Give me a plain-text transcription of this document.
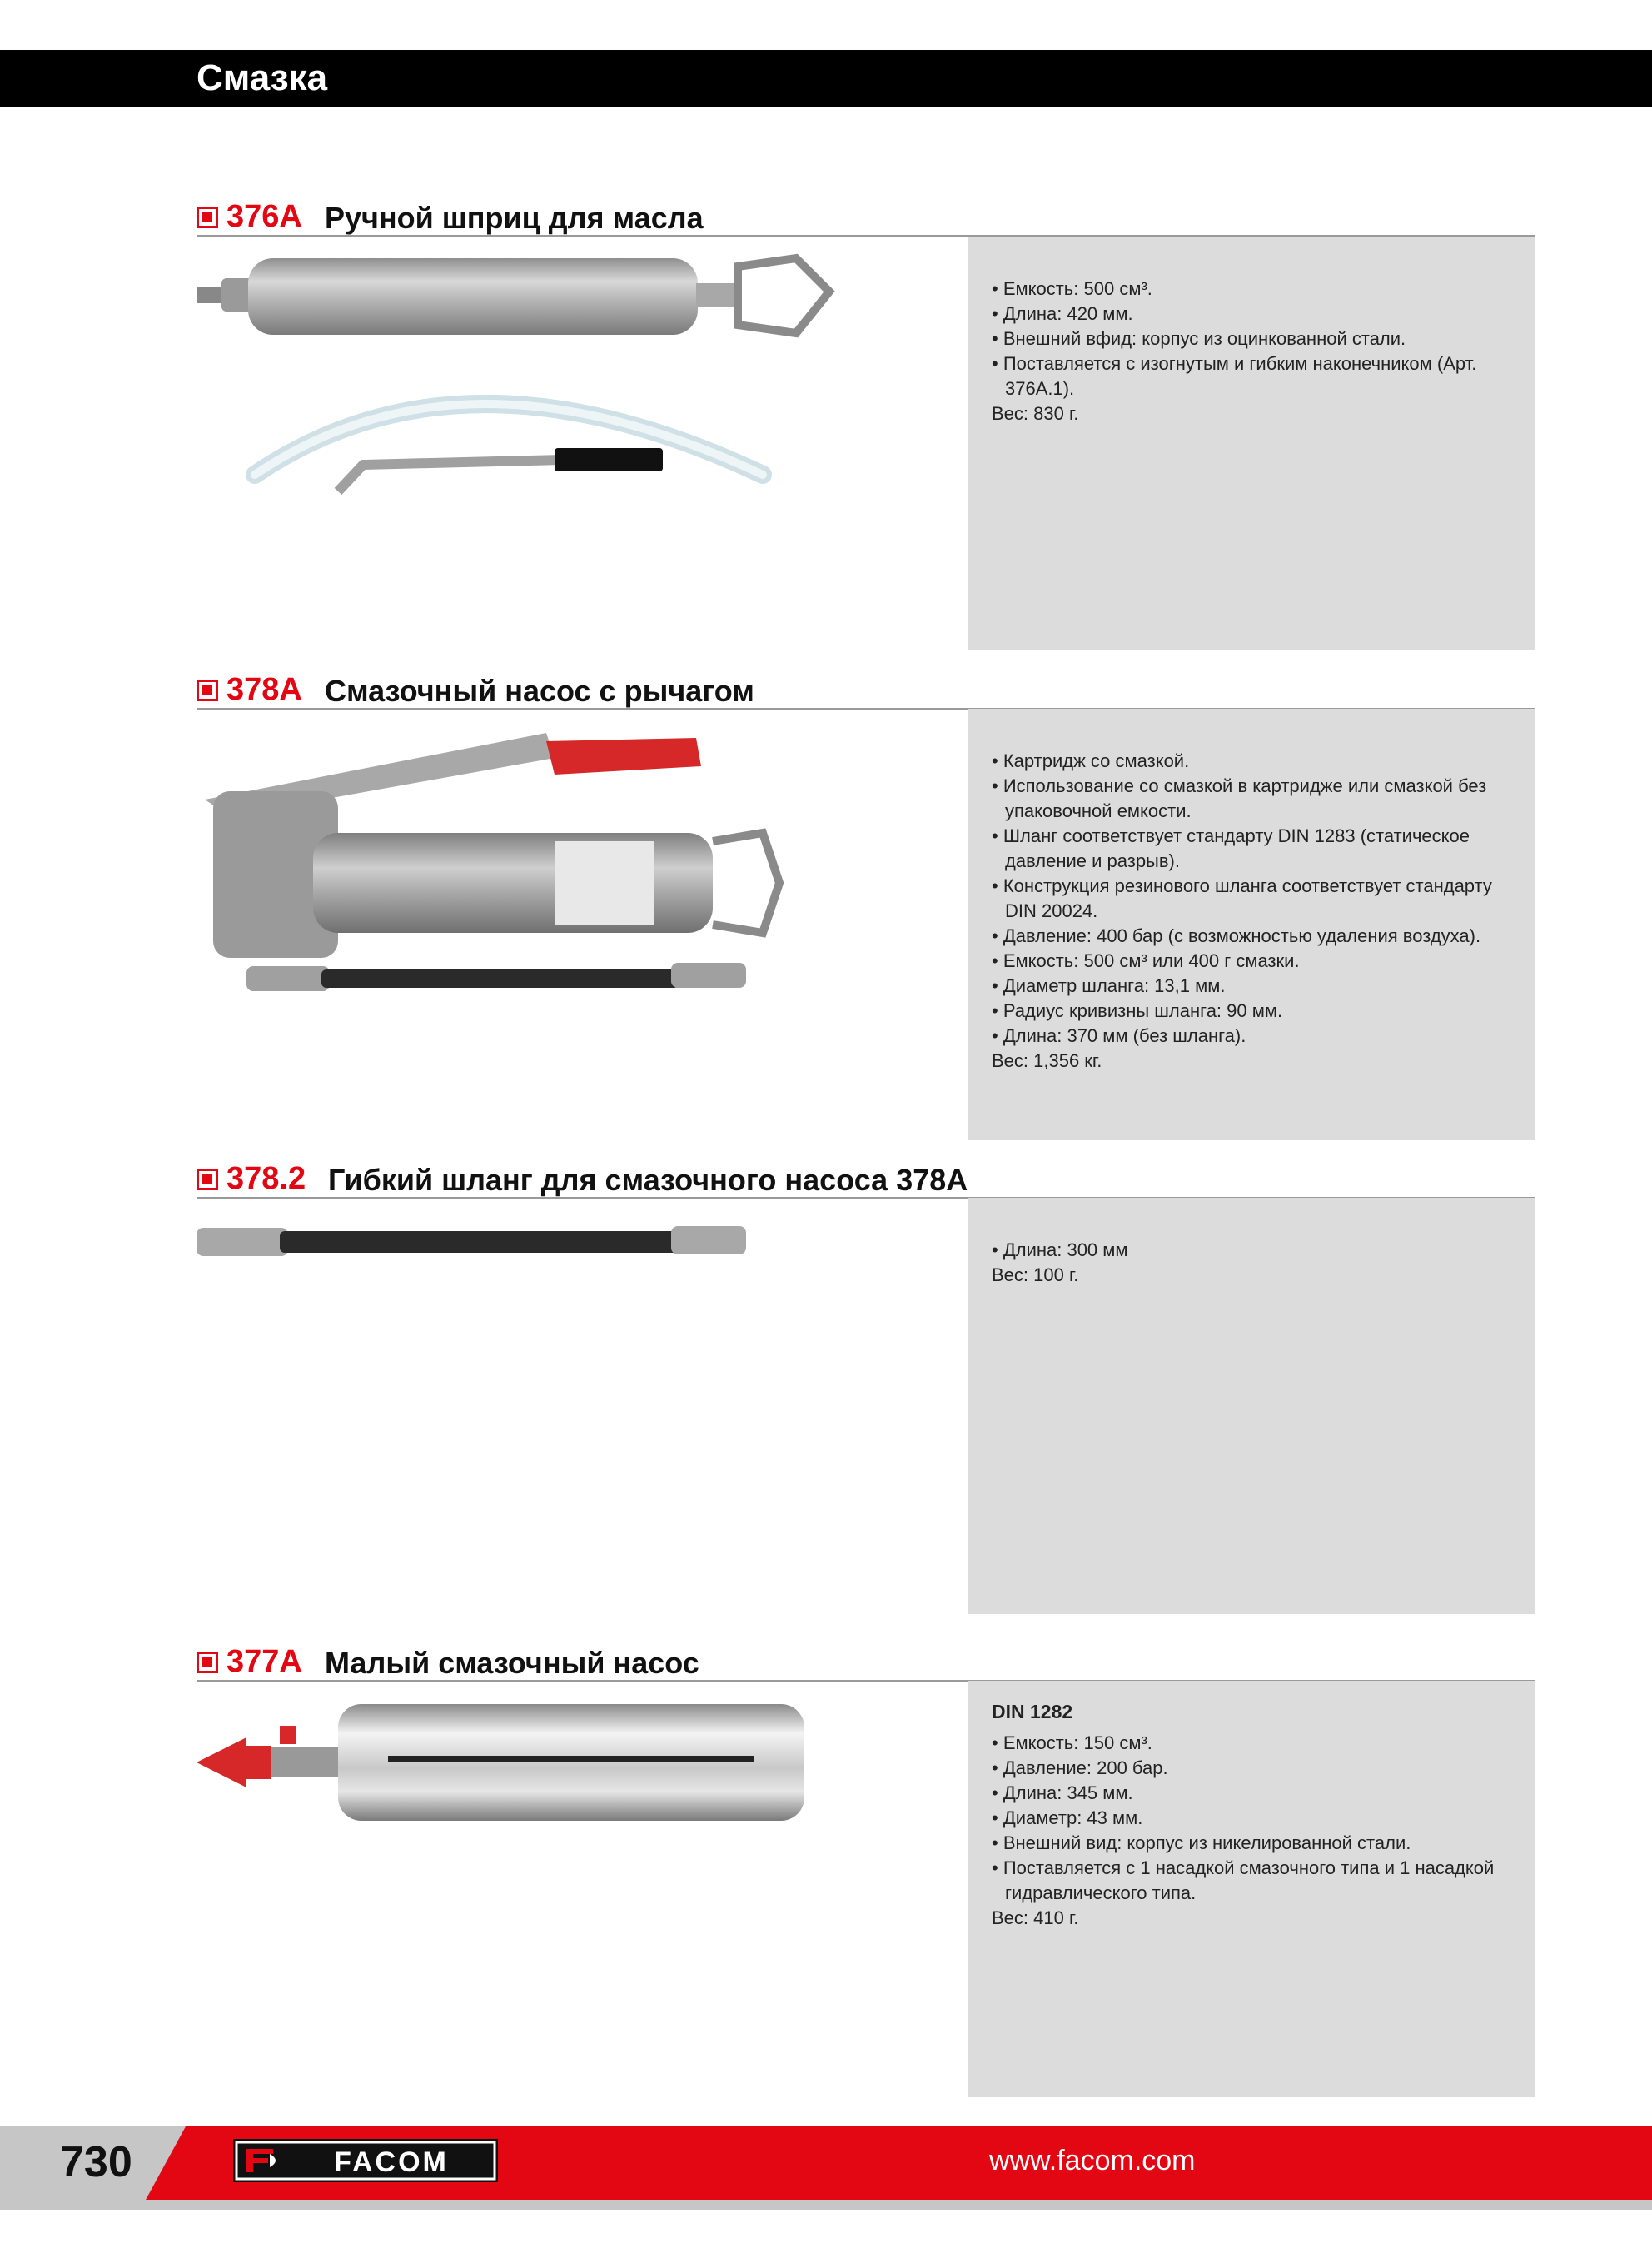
Смазка
376A Ручной шприц для масла
• Емкость: 500 см³.
• Длина: 420 мм.
• Внешний вфид: корпус из оцинкованной стали.
• Поставляется с изогнутым и гибким наконечником (Арт. 376A.1).
Вес: 830 г.
378A Смазочный насос с рычагом
• Картридж со смазкой.
• Использование со смазкой в картридже или смазкой без упаковочной емкости.
• Шланг соответствует стандарту DIN 1283 (статическое давление и разрыв).
• Конструкция резинового шланга соответствует стандарту DIN 20024.
• Давление: 400 бар (с возможностью удаления воздуха).
• Емкость: 500 см³ или 400 г смазки.
• Диаметр шланга: 13,1 мм.
• Радиус кривизны шланга: 90 мм.
• Длина: 370 мм (без шланга).
Вес: 1,356 кг.
378.2 Гибкий шланг для смазочного насоса 378A
• Длина: 300 мм
Вес: 100 г.
377A Малый смазочный насос
DIN 1282
• Емкость: 150 см³.
• Давление: 200 бар.
• Длина: 345 мм.
• Диаметр: 43 мм.
• Внешний вид: корпус из никелированной стали.
• Поставляется с 1 насадкой смазочного типа и 1 насадкой гидравлического типа.
Вес: 410 г.
730	FACOM	www.facom.com
